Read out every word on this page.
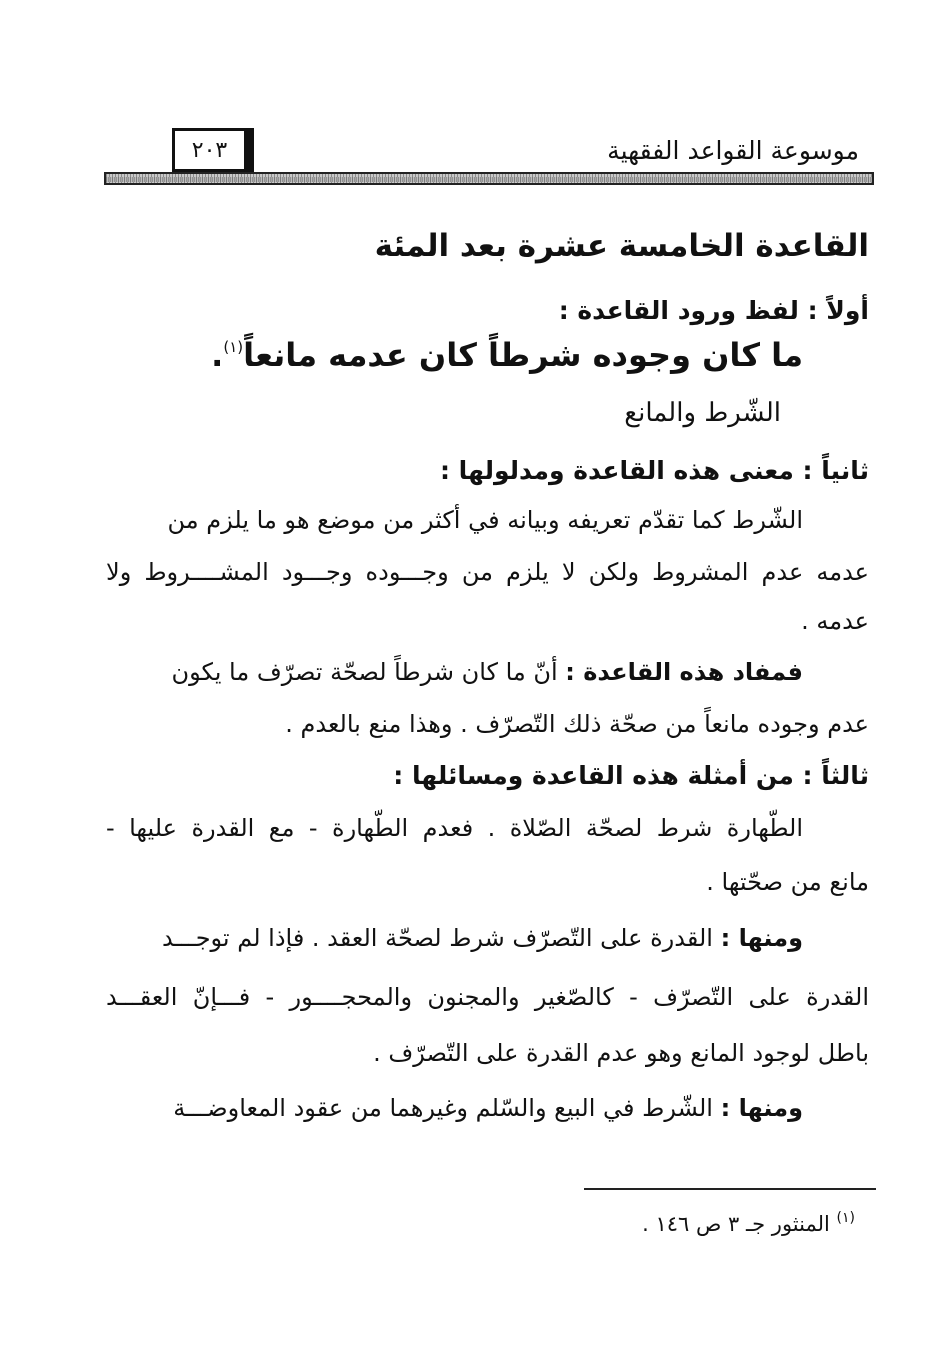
موسوعة القواعد الفقهية
٢٠٣
القاعدة الخامسة عشرة بعد المئة
أولاً : لفظ ورود القاعدة :
ما كان وجوده شرطاً كان عدمه مانعاً$^{(١)}$.
الشّرط والمانع
ثانياً : معنى هذه القاعدة ومدلولها :
الشّرط كما تقدّم تعريفه وبيانه في أكثر من موضع هو ما يلزم من
عدمه عدم المشروط ولكن لا يلزم من وجـــوده وجـــود المشــــروط ولا
عدمه .
فمفاد هذه القاعدة : أنّ ما كان شرطاً لصحّة تصرّف ما يكون
عدم وجوده مانعاً من صحّة ذلك التّصرّف . وهذا منع بالعدم .
ثالثاً : من أمثلة هذه القاعدة ومسائلها :
الطّهارة شرط لصحّة الصّلاة . فعدم الطّهارة - مع القدرة عليها -
مانع من صحّتها .
ومنها : القدرة على التّصرّف شرط لصحّة العقد . فإذا لم توجـــد
القدرة على التّصرّف - كالصّغير والمجنون والمحجــــور - فـــإنّ العقـــد
باطل لوجود المانع وهو عدم القدرة على التّصرّف .
ومنها : الشّرط في البيع والسّلم وغيرهما من عقود المعاوضـــة
$^{(١)}$ المنثور جـ ٣ ص ١٤٦ .
